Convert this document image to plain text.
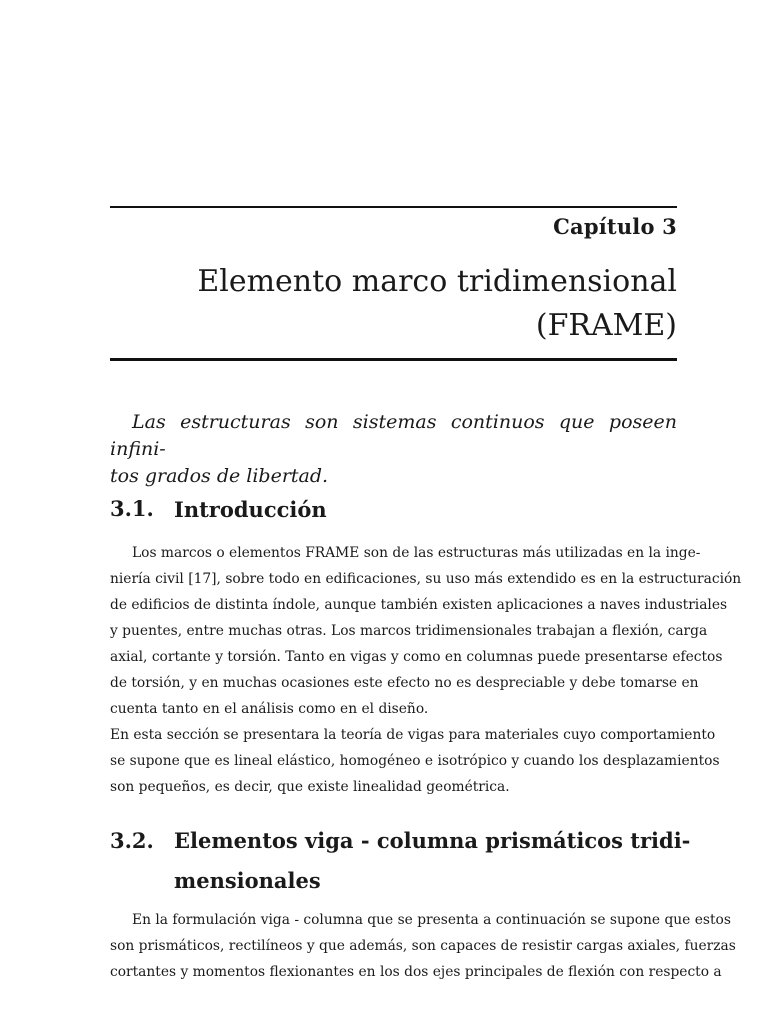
Capítulo 3
Elemento marco tridimensional
(FRAME)
Las estructuras son sistemas continuos que poseen infini-
tos grados de libertad.
3.1. Introducción
Los marcos o elementos FRAME son de las estructuras más utilizadas en la inge-
niería civil [17], sobre todo en edificaciones, su uso más extendido es en la estructuración
de edificios de distinta índole, aunque también existen aplicaciones a naves industriales
y puentes, entre muchas otras. Los marcos tridimensionales trabajan a flexión, carga
axial, cortante y torsión. Tanto en vigas y como en columnas puede presentarse efectos
de torsión, y en muchas ocasiones este efecto no es despreciable y debe tomarse en
cuenta tanto en el análisis como en el diseño.
En esta sección se presentara la teoría de vigas para materiales cuyo comportamiento
se supone que es lineal elástico, homogéneo e isotrópico y cuando los desplazamientos
son pequeños, es decir, que existe linealidad geométrica.
3.2. Elementos viga - columna prismáticos tridi-
mensionales
En la formulación viga - columna que se presenta a continuación se supone que estos
son prismáticos, rectilíneos y que además, son capaces de resistir cargas axiales, fuerzas
cortantes y momentos flexionantes en los dos ejes principales de flexión con respecto a
